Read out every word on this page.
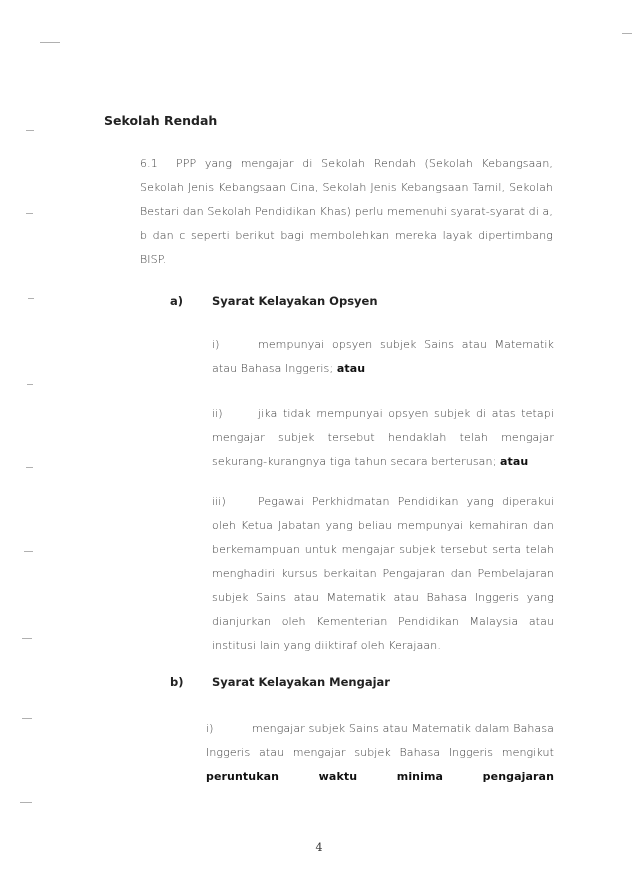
Sekolah Rendah
6.1 PPP yang mengajar di Sekolah Rendah (Sekolah Kebangsaan, Sekolah Jenis Kebangsaan Cina, Sekolah Jenis Kebangsaan Tamil, Sekolah Bestari dan Sekolah Pendidikan Khas) perlu memenuhi syarat-syarat di a, b dan c seperti berikut bagi membolehkan mereka layak dipertimbang BISP.
a)	Syarat Kelayakan Opsyen
i)	mempunyai opsyen subjek Sains atau Matematik atau Bahasa Inggeris; atau
ii)	jika tidak mempunyai opsyen subjek di atas tetapi mengajar subjek tersebut hendaklah telah mengajar sekurang-kurangnya tiga tahun secara berterusan; atau
iii)	Pegawai Perkhidmatan Pendidikan yang diperakui oleh Ketua Jabatan yang beliau mempunyai kemahiran dan berkemampuan untuk mengajar subjek tersebut serta telah menghadiri kursus berkaitan Pengajaran dan Pembelajaran subjek Sains atau Matematik atau Bahasa Inggeris yang dianjurkan oleh Kementerian Pendidikan Malaysia atau institusi lain yang diiktiraf oleh Kerajaan.
b) Syarat Kelayakan Mengajar
i)	mengajar subjek Sains atau Matematik dalam Bahasa Inggeris atau mengajar subjek Bahasa Inggeris mengikut peruntukan waktu minima pengajaran
4
